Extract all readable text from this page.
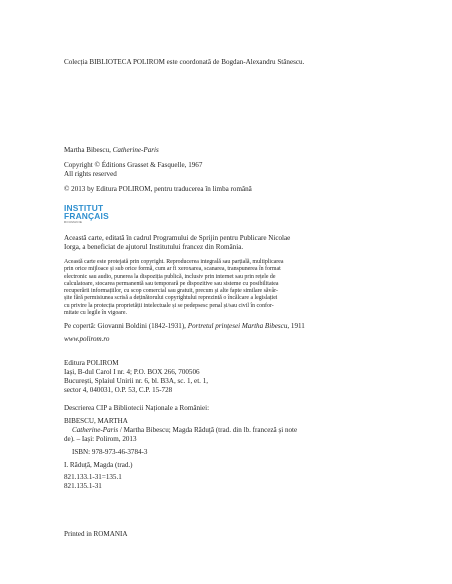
Colecția BIBLIOTECA POLIROM este coordonată de Bogdan-Alexandru Stănescu.

Martha Bibescu, Catherine-Paris

Copyright © Éditions Grasset & Fasquelle, 1967

All rights reserved

© 2013 by Editura POLIROM, pentru traducerea în limba română

INSTITUT
FRANÇAIS
ROUMANIE

Această carte, editată în cadrul Programului de Sprijin pentru Publicare Nicolae

Iorga, a beneficiat de ajutorul Institutului francez din România.

Această carte este protejată prin copyright. Reproducerea integrală sau parțială, multiplicarea

prin orice mijloace și sub orice formă, cum ar fi xeroxarea, scanarea, transpunerea în format

electronic sau audio, punerea la dispoziția publică, inclusiv prin internet sau prin rețele de

calculatoare, stocarea permanentă sau temporară pe dispozitive sau sisteme cu posibilitatea

recuperării informațiilor, cu scop comercial sau gratuit, precum și alte fapte similare săvâr-

șite fără permisiunea scrisă a deținătorului copyrightului reprezintă o încălcare a legislației

cu privire la protecția proprietății intelectuale și se pedepsesc penal și/sau civil în confor-

mitate cu legile în vigoare.

Pe copertă: Giovanni Boldini (1842-1931), Portretul prințesei Martha Bibescu, 1911

www.polirom.ro

Editura POLIROM

Iași, B-dul Carol I nr. 4; P.O. BOX 266, 700506

București, Splaiul Unirii nr. 6, bl. B3A, sc. 1, et. 1,

sector 4, 040031, O.P. 53, C.P. 15-728

Descrierea CIP a Bibliotecii Naționale a României:

BIBESCU, MARTHA

Catherine-Paris / Martha Bibescu; Magda Răduță (trad. din lb. franceză și note

de). – Iași: Polirom, 2013

ISBN: 978-973-46-3784-3

I. Răduță, Magda (trad.)

821.133.1-31=135.1

821.135.1-31

Printed in ROMANIA
